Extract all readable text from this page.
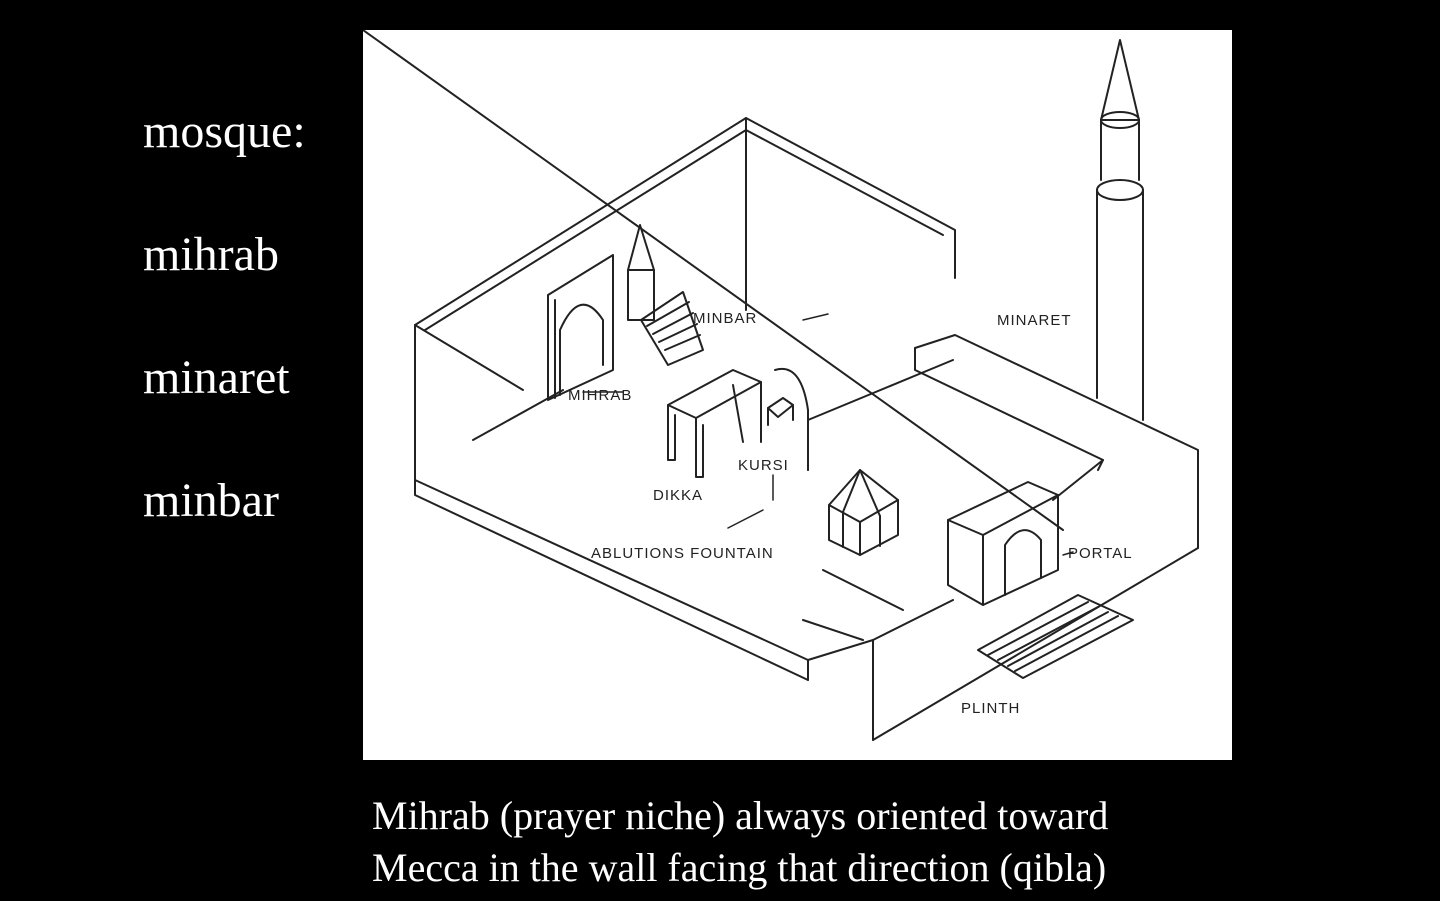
mosque:
mihrab
minaret
minbar
MINBAR	MINARET
MIHRAB
KURSI
DIKKA
ABLUTIONS FOUNTAIN	PORTAL
PLINTH
Mihrab (prayer niche) always oriented toward
Mecca in the wall facing that direction (qibla)
